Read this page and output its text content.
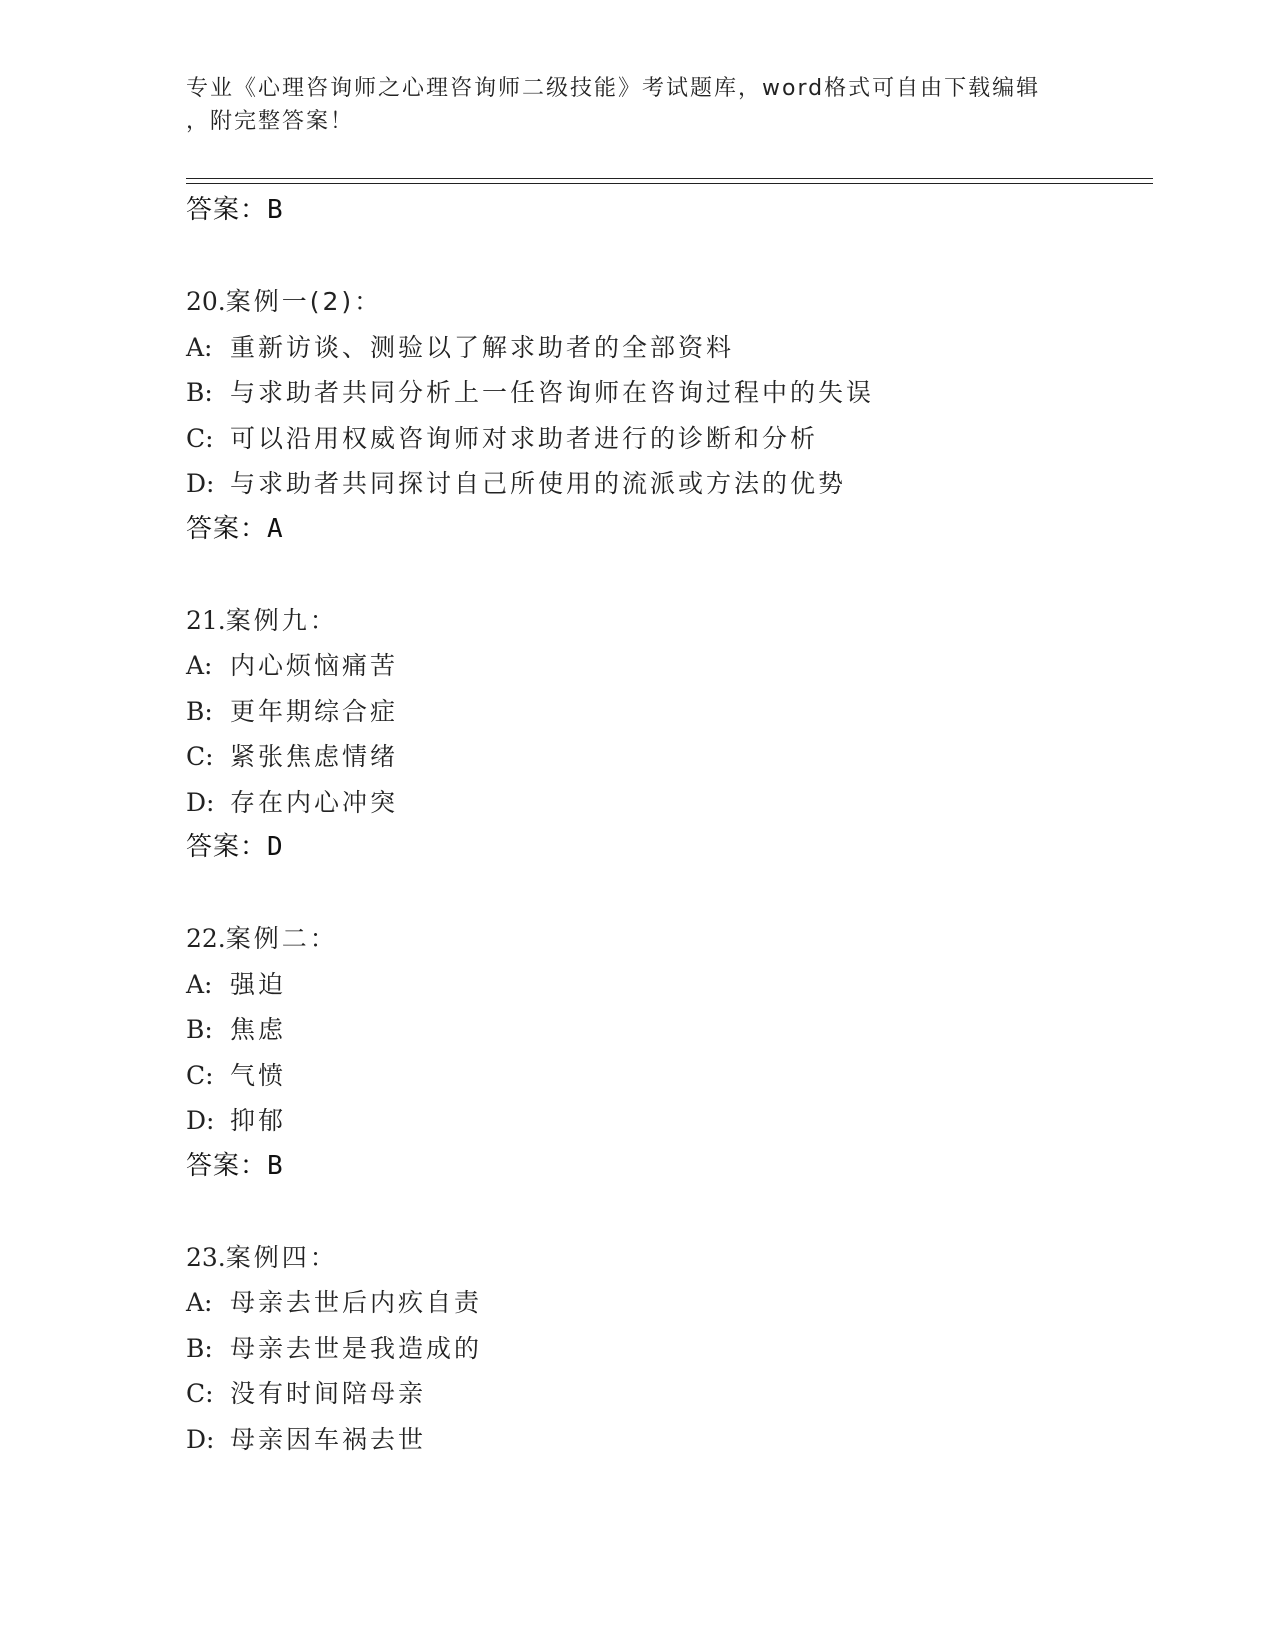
专业《心理咨询师之心理咨询师二级技能》考试题库，word格式可自由下载编辑
，附完整答案！
答案：B
20.案例一(2)：
A: 重新访谈、测验以了解求助者的全部资料
B: 与求助者共同分析上一任咨询师在咨询过程中的失误
C: 可以沿用权威咨询师对求助者进行的诊断和分析
D: 与求助者共同探讨自己所使用的流派或方法的优势
答案：A
21.案例九：
A: 内心烦恼痛苦
B: 更年期综合症
C: 紧张焦虑情绪
D: 存在内心冲突
答案：D
22.案例二：
A: 强迫
B: 焦虑
C: 气愤
D: 抑郁
答案：B
23.案例四：
A: 母亲去世后内疚自责
B: 母亲去世是我造成的
C: 没有时间陪母亲
D: 母亲因车祸去世
